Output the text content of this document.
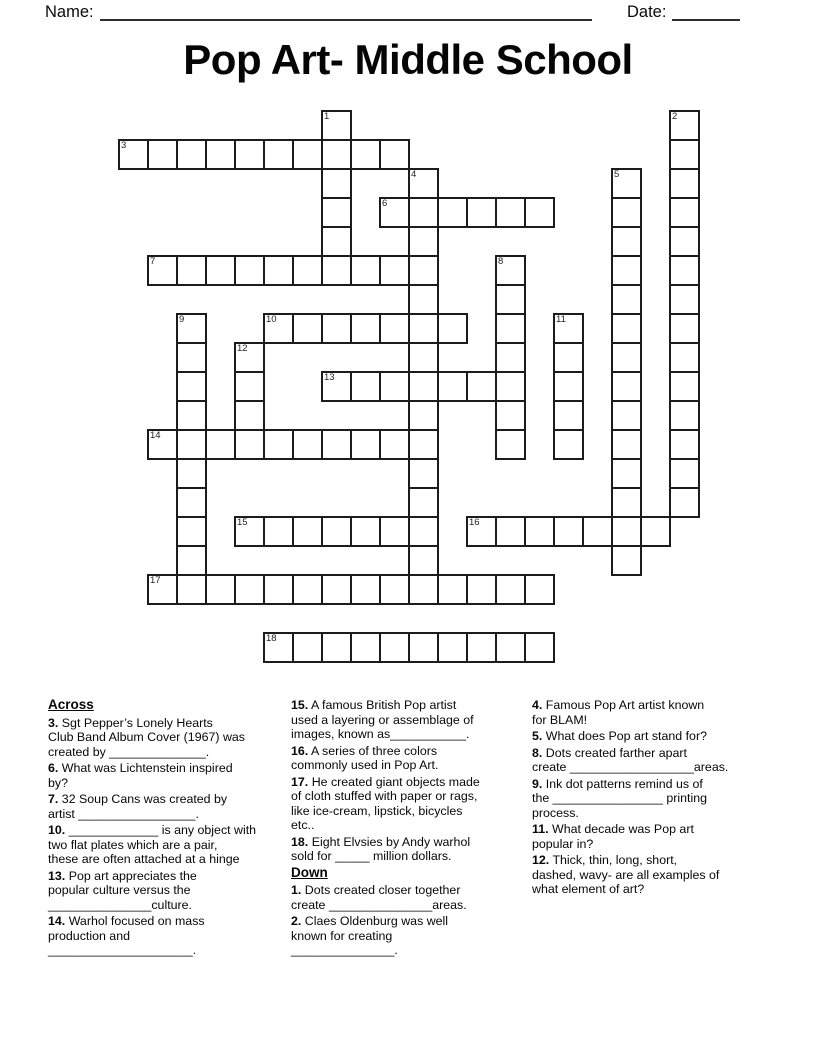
Name:	Date:
Pop Art- Middle School
1	2
3
4	5
6
7	8
9	10	11
12
13
14
15	16
17
18
Across
3. Sgt Pepper’s Lonely Hearts
Club Band Album Cover (1967) was
created by ______________.
6. What was Lichtenstein inspired
by?
7. 32 Soup Cans was created by
artist _________________.
10. _____________ is any object with
two flat plates which are a pair,
these are often attached at a hinge
13. Pop art appreciates the
popular culture versus the
_______________culture.
14. Warhol focused on mass
production and
_____________________.
15. A famous British Pop artist
used a layering or assemblage of
images, known as___________.
16. A series of three colors
commonly used in Pop Art.
17. He created giant objects made
of cloth stuffed with paper or rags,
like ice-cream, lipstick, bicycles
etc..
18. Eight Elvsies by Andy warhol
sold for _____ million dollars.
Down
1. Dots created closer together
create _______________areas.
2. Claes Oldenburg was well
known for creating
_______________.
4. Famous Pop Art artist known
for BLAM!
5. What does Pop art stand for?
8. Dots created farther apart
create __________________areas.
9. Ink dot patterns remind us of
the ________________ printing
process.
11. What decade was Pop art
popular in?
12. Thick, thin, long, short,
dashed, wavy- are all examples of
what element of art?
